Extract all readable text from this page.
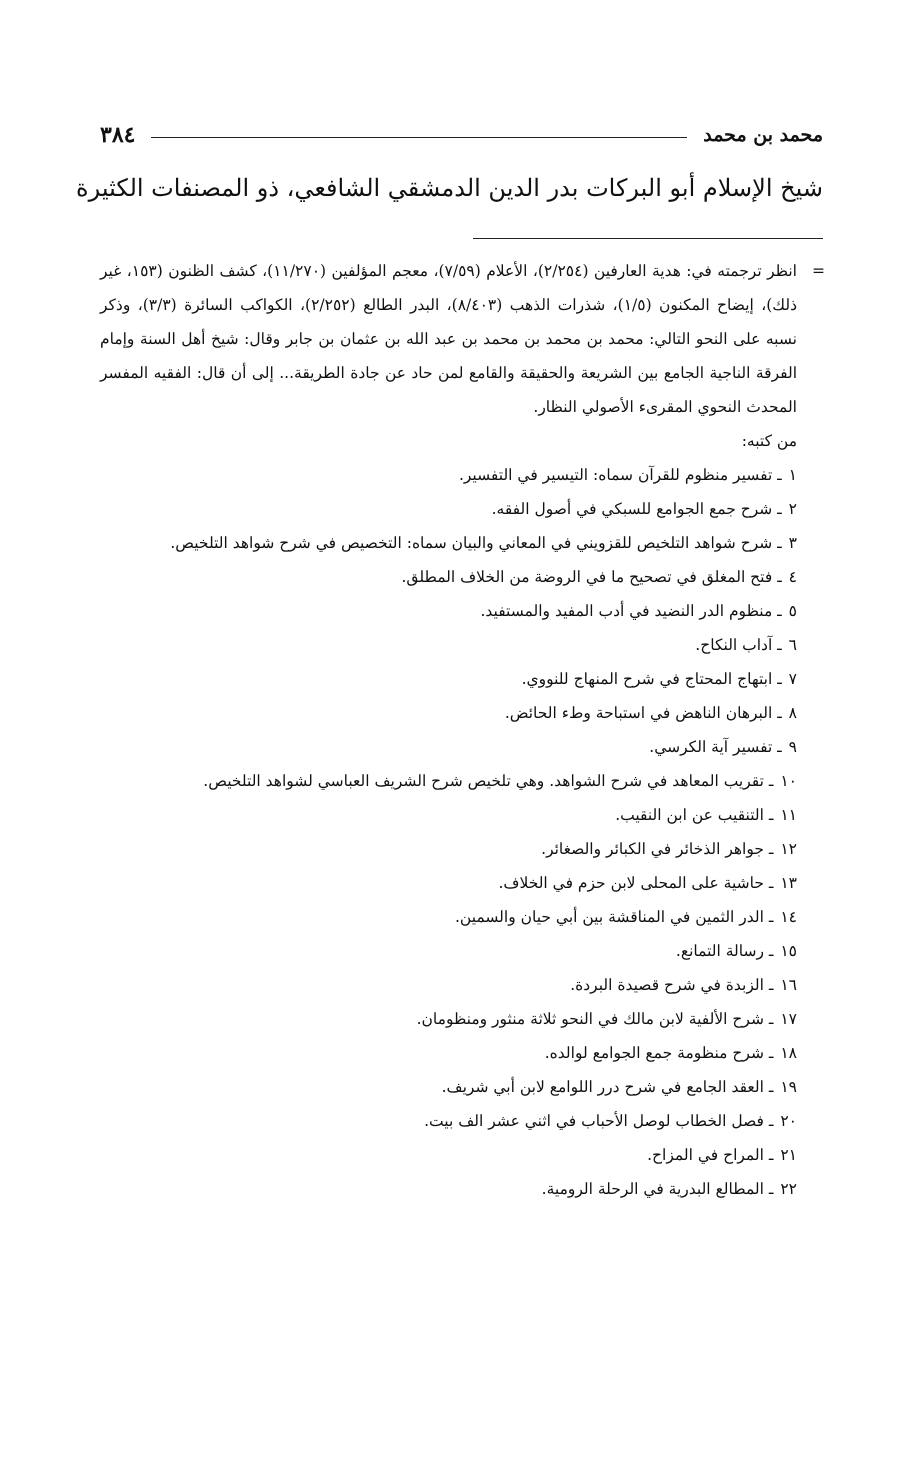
محمد بن محمد
٣٨٤
شيخ الإسلام أبو البركات بدر الدين الدمشقي الشافعي، ذو المصنفات الكثيرة
=
انظر ترجمته في: هدية العارفين (٢/٢٥٤)، الأعلام (٧/٥٩)، معجم المؤلفين (١١/٢٧٠)، كشف الظنون (١٥٣، غير ذلك)، إيضاح المكنون (١/٥)، شذرات الذهب (٨/٤٠٣)، البدر الطالع (٢/٢٥٢)، الكواكب السائرة (٣/٣)، وذكر نسبه على النحو التالي: محمد بن محمد بن محمد بن عبد الله بن عثمان بن جابر وقال: شيخ أهل السنة وإمام الفرقة الناجية الجامع بين الشريعة والحقيقة والقامع لمن حاد عن جادة الطريقة... إلى أن قال: الفقيه المفسر المحدث النحوي المقرىء الأصولي النظار.
من كتبه:
١ ـ تفسير منظوم للقرآن سماه: التيسير في التفسير.
٢ ـ شرح جمع الجوامع للسبكي في أصول الفقه.
٣ ـ شرح شواهد التلخيص للقزويني في المعاني والبيان سماه: التخصيص في شرح شواهد التلخيص.
٤ ـ فتح المغلق في تصحيح ما في الروضة من الخلاف المطلق.
٥ ـ منظوم الدر النضيد في أدب المفيد والمستفيد.
٦ ـ آداب النكاح.
٧ ـ ابتهاج المحتاج في شرح المنهاج للنووي.
٨ ـ البرهان الناهض في استباحة وطء الحائض.
٩ ـ تفسير آية الكرسي.
١٠ ـ تقريب المعاهد في شرح الشواهد. وهي تلخيص شرح الشريف العباسي لشواهد التلخيص.
١١ ـ التنقيب عن ابن النقيب.
١٢ ـ جواهر الذخائر في الكبائر والصغائر.
١٣ ـ حاشية على المحلى لابن حزم في الخلاف.
١٤ ـ الدر الثمين في المناقشة بين أبي حيان والسمين.
١٥ ـ رسالة التمانع.
١٦ ـ الزبدة في شرح قصيدة البردة.
١٧ ـ شرح الألفية لابن مالك في النحو ثلاثة منثور ومنظومان.
١٨ ـ شرح منظومة جمع الجوامع لوالده.
١٩ ـ العقد الجامع في شرح درر اللوامع لابن أبي شريف.
٢٠ ـ فصل الخطاب لوصل الأحباب في اثني عشر الف بيت.
٢١ ـ المراح في المزاح.
٢٢ ـ المطالع البدرية في الرحلة الرومية.
